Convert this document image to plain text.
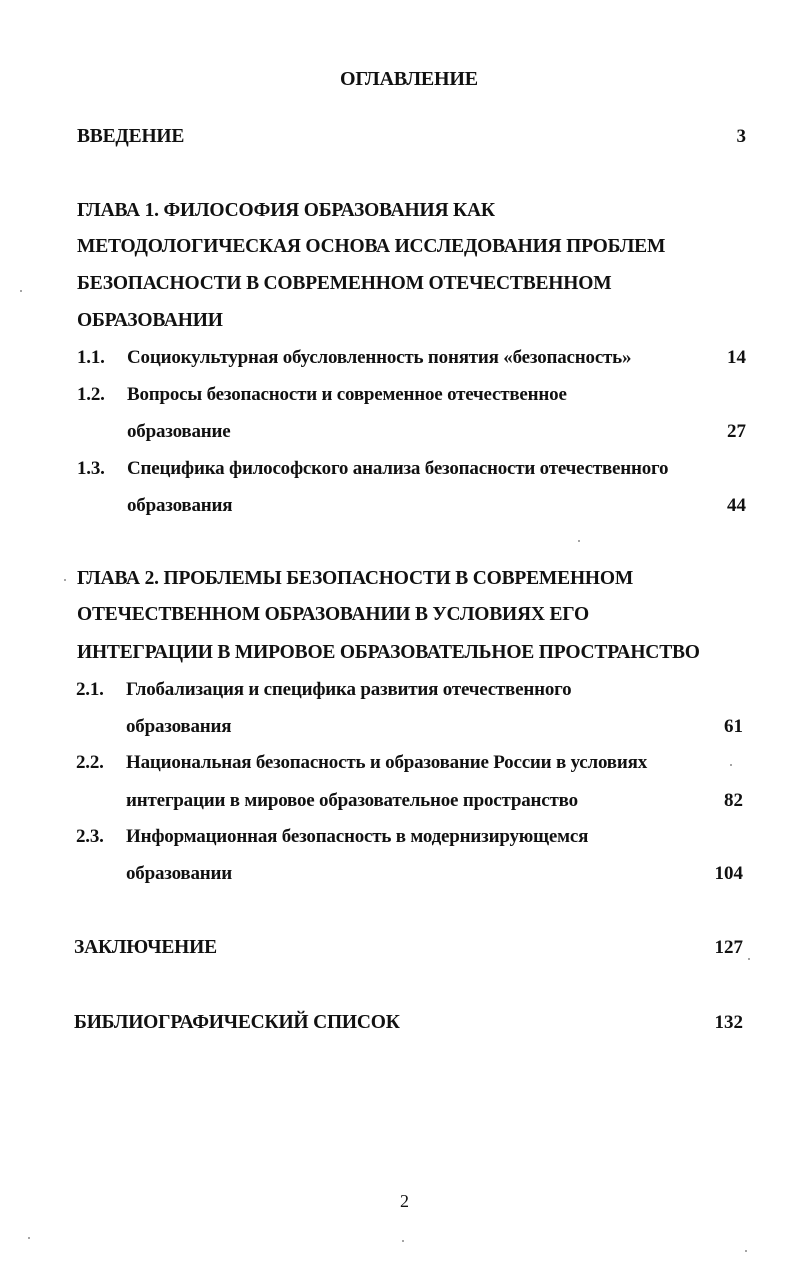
ОГЛАВЛЕНИЕ
ВВЕДЕНИЕ	3
ГЛАВА 1. ФИЛОСОФИЯ ОБРАЗОВАНИЯ КАК
МЕТОДОЛОГИЧЕСКАЯ ОСНОВА ИССЛЕДОВАНИЯ ПРОБЛЕМ
БЕЗОПАСНОСТИ В СОВРЕМЕННОМ ОТЕЧЕСТВЕННОМ
ОБРАЗОВАНИИ
1.1. Социокультурная обусловленность понятия «безопасность»	14
1.2. Вопросы безопасности и современное отечественное
образование	27
1.3. Специфика философского анализа безопасности отечественного
образования	44
ГЛАВА 2. ПРОБЛЕМЫ БЕЗОПАСНОСТИ В СОВРЕМЕННОМ
ОТЕЧЕСТВЕННОМ ОБРАЗОВАНИИ В УСЛОВИЯХ ЕГО
ИНТЕГРАЦИИ В МИРОВОЕ ОБРАЗОВАТЕЛЬНОЕ ПРОСТРАНСТВО
2.1. Глобализация и специфика развития отечественного
образования	61
2.2. Национальная безопасность и образование России в условиях
интеграции в мировое образовательное пространство	82
2.3. Информационная безопасность в модернизирующемся
образовании	104
ЗАКЛЮЧЕНИЕ	127
БИБЛИОГРАФИЧЕСКИЙ СПИСОК	132
2
